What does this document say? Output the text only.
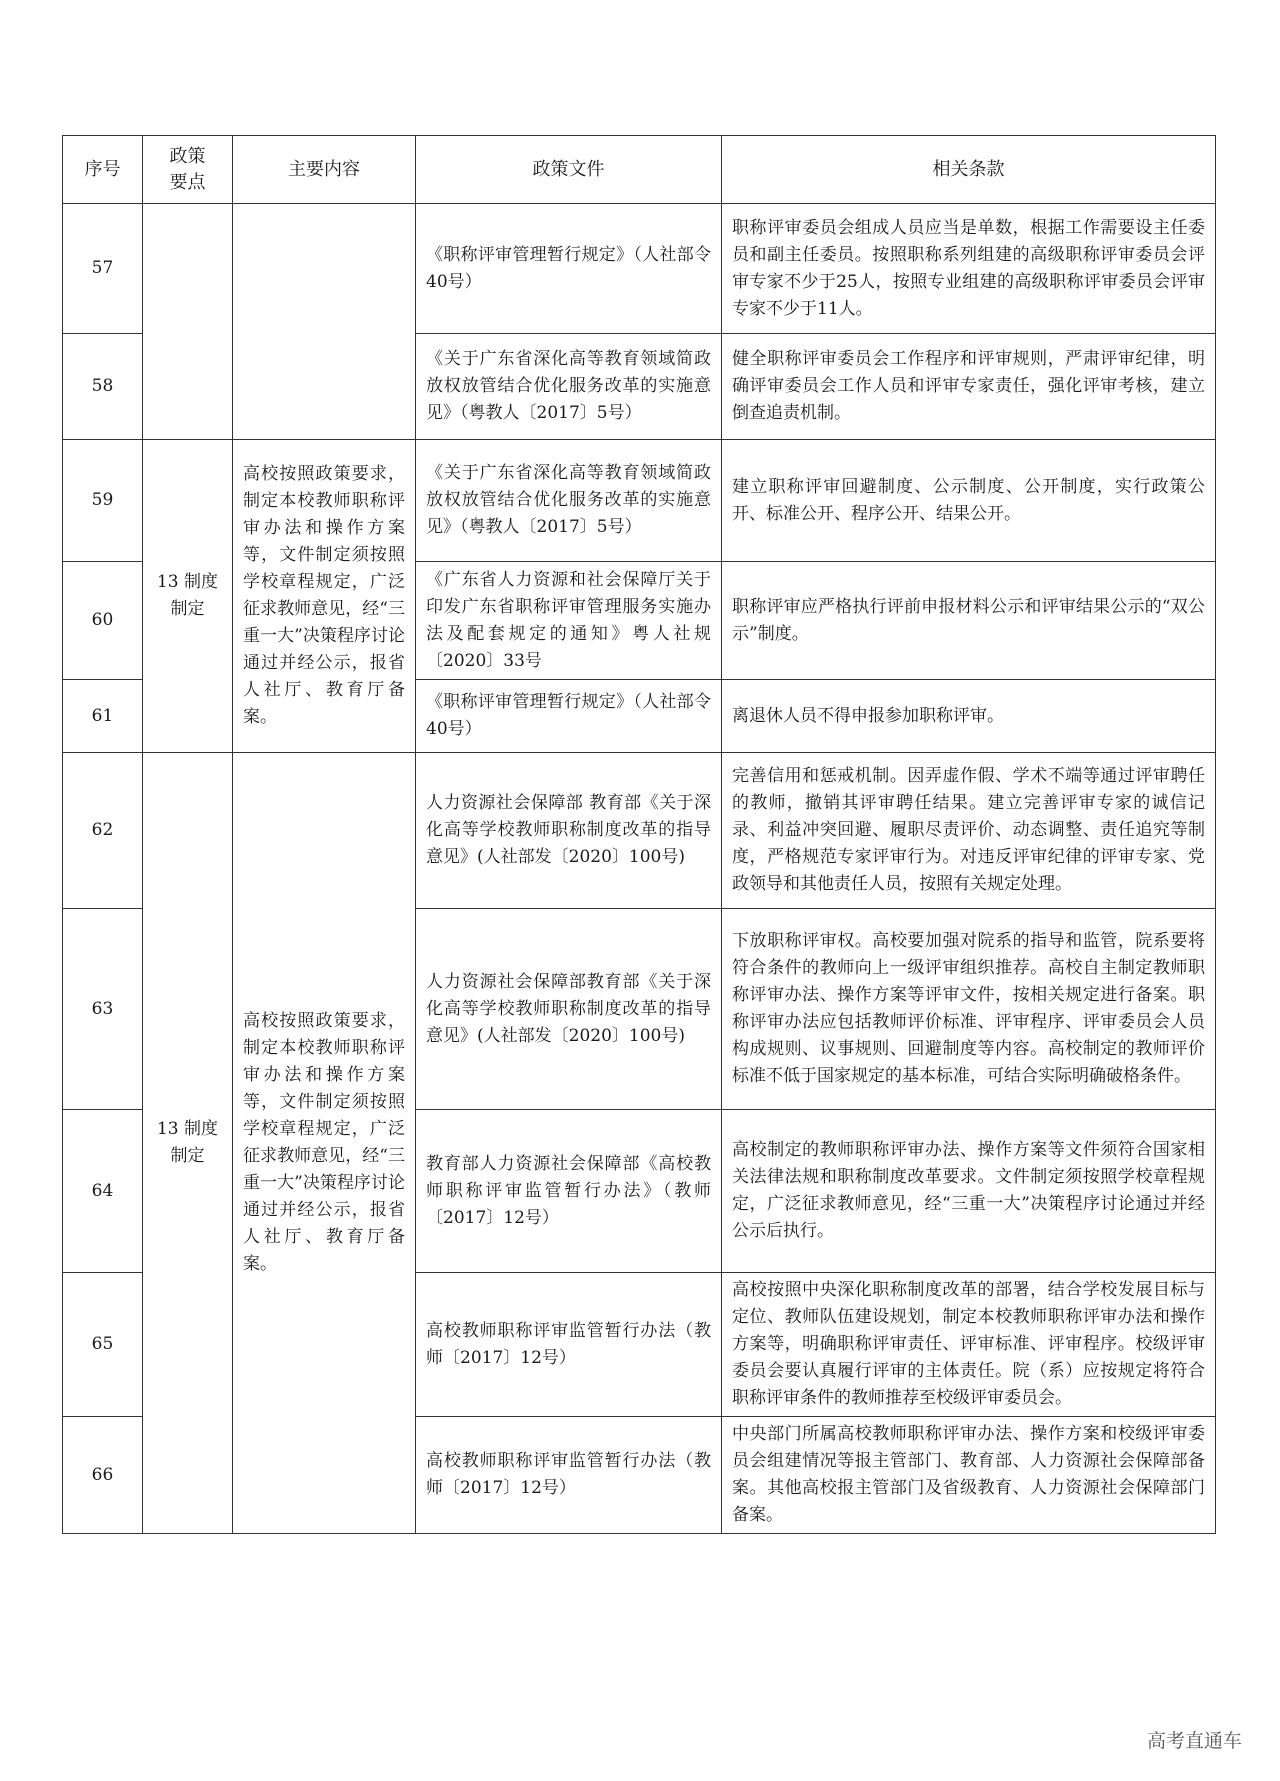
序号	政策要点	主要内容	政策文件	相关条款
57			《职称评审管理暂行规定》（人社部令40号）	职称评审委员会组成人员应当是单数，根据工作需要设主任委员和副主任委员。按照职称系列组建的高级职称评审委员会评审专家不少于25人，按照专业组建的高级职称评审委员会评审专家不少于11人。
58			《关于广东省深化高等教育领域简政放权放管结合优化服务改革的实施意见》（粤教人〔2017〕5号）	健全职称评审委员会工作程序和评审规则，严肃评审纪律，明确评审委员会工作人员和评审专家责任，强化评审考核，建立倒查追责机制。
59	13 制度制定	高校按照政策要求，制定本校教师职称评审办法和操作方案等，文件制定须按照学校章程规定，广泛征求教师意见，经“三重一大”决策程序讨论通过并经公示，报省人社厅、教育厅备案。	《关于广东省深化高等教育领域简政放权放管结合优化服务改革的实施意见》（粤教人〔2017〕5号）	建立职称评审回避制度、公示制度、公开制度，实行政策公开、标准公开、程序公开、结果公开。
60			《广东省人力资源和社会保障厅关于印发广东省职称评审管理服务实施办法及配套规定的通知》粤人社规〔2020〕33号	职称评审应严格执行评前申报材料公示和评审结果公示的“双公示”制度。
61			《职称评审管理暂行规定》（人社部令40号）	离退休人员不得申报参加职称评审。
62	13 制度制定	高校按照政策要求，制定本校教师职称评审办法和操作方案等，文件制定须按照学校章程规定，广泛征求教师意见，经“三重一大”决策程序讨论通过并经公示，报省人社厅、教育厅备案。	人力资源社会保障部 教育部《关于深化高等学校教师职称制度改革的指导意见》(人社部发〔2020〕100号)	完善信用和惩戒机制。因弄虚作假、学术不端等通过评审聘任的教师，撤销其评审聘任结果。建立完善评审专家的诚信记录、利益冲突回避、履职尽责评价、动态调整、责任追究等制度，严格规范专家评审行为。对违反评审纪律的评审专家、党政领导和其他责任人员，按照有关规定处理。
63			人力资源社会保障部教育部《关于深化高等学校教师职称制度改革的指导意见》(人社部发〔2020〕100号)	下放职称评审权。高校要加强对院系的指导和监管，院系要将符合条件的教师向上一级评审组织推荐。高校自主制定教师职称评审办法、操作方案等评审文件，按相关规定进行备案。职称评审办法应包括教师评价标准、评审程序、评审委员会人员构成规则、议事规则、回避制度等内容。高校制定的教师评价标准不低于国家规定的基本标准，可结合实际明确破格条件。
64			教育部人力资源社会保障部《高校教师职称评审监管暂行办法》（教师〔2017〕12号）	高校制定的教师职称评审办法、操作方案等文件须符合国家相关法律法规和职称制度改革要求。文件制定须按照学校章程规定，广泛征求教师意见，经“三重一大”决策程序讨论通过并经公示后执行。
65			高校教师职称评审监管暂行办法（教师〔2017〕12号）	高校按照中央深化职称制度改革的部署，结合学校发展目标与定位、教师队伍建设规划，制定本校教师职称评审办法和操作方案等，明确职称评审责任、评审标准、评审程序。校级评审委员会要认真履行评审的主体责任。院（系）应按规定将符合职称评审条件的教师推荐至校级评审委员会。
66			高校教师职称评审监管暂行办法（教师〔2017〕12号）	中央部门所属高校教师职称评审办法、操作方案和校级评审委员会组建情况等报主管部门、教育部、人力资源社会保障部备案。其他高校报主管部门及省级教育、人力资源社会保障部门备案。
高考直通车
